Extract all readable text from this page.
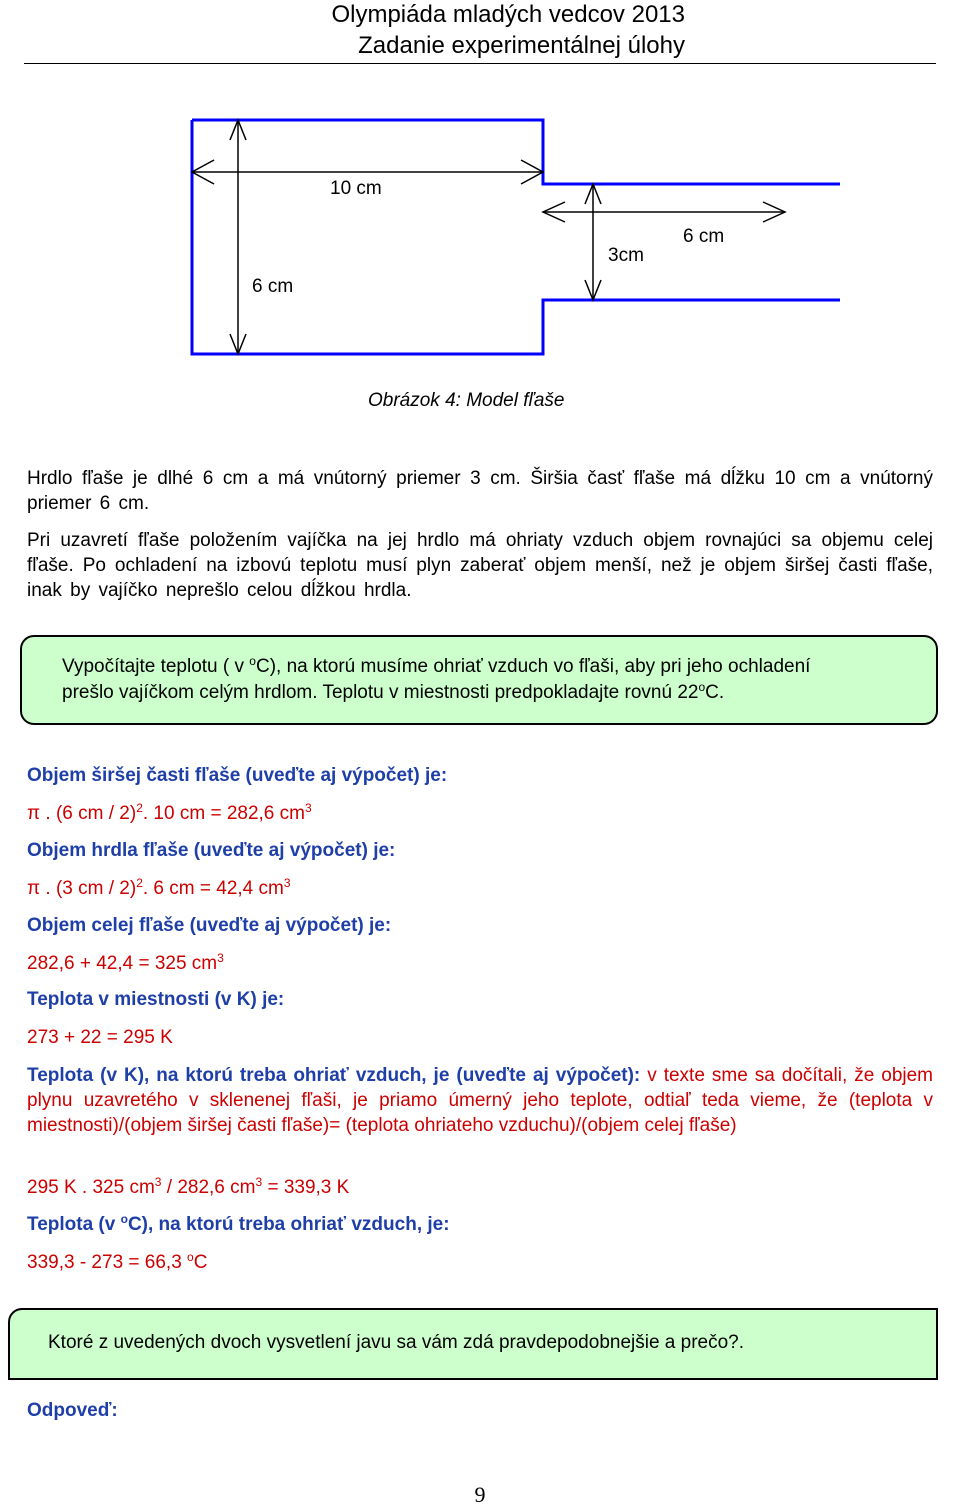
Olympiáda mladých vedcov 2013
Zadanie experimentálnej úlohy
10 cm
6 cm
3cm
6 cm
Obrázok 4: Model fľaše
Hrdlo fľaše je dlhé 6 cm a má vnútorný priemer 3 cm. Širšia časť fľaše má dĺžku 10 cm a vnútorný priemer 6 cm.
Pri uzavretí fľaše položením vajíčka na jej hrdlo má ohriaty vzduch objem rovnajúci sa objemu celej fľaše. Po ochladení na izbovú teplotu musí plyn zaberať objem menší, než je objem širšej časti fľaše, inak by vajíčko neprešlo celou dĺžkou hrdla.
Vypočítajte teplotu ( v $^o$C), na ktorú musíme ohriať vzduch vo fľaši, aby pri jeho ochladení
prešlo vajíčkom celým hrdlom. Teplotu v miestnosti predpokladajte rovnú 22$^o$C.
Objem širšej časti fľaše (uveďte aj výpočet) je:
π . (6 cm / 2)$^2$. 10 cm = 282,6 $cm^3$
Objem hrdla fľaše (uveďte aj výpočet) je:
π . (3 cm / 2)$^2$. 6 cm = 42,4 $cm^3$
Objem celej fľaše (uveďte aj výpočet) je:
282,6 + 42,4 = 325 $cm^3$
Teplota v miestnosti (v K) je:
273 + 22 = 295 K
Teplota (v K), na ktorú treba ohriať vzduch, je (uveďte aj výpočet): v texte sme sa dočítali, že objem plynu uzavretého v sklenenej fľaši, je priamo úmerný jeho teplote, odtiaľ teda vieme, že (teplota v miestnosti)/(objem širšej časti fľaše)= (teplota ohriateho vzduchu)/(objem celej fľaše)
295 K . 325 $cm^3 / 282,6$ $cm^3 = 339,3$ K
Teplota (v $^o$C), na ktorú treba ohriať vzduch, je:
339,3 - 273 = 66,3 $^o$C
Ktoré z uvedených dvoch vysvetlení javu sa vám zdá pravdepodobnejšie a prečo?.
Odpoveď:
9
